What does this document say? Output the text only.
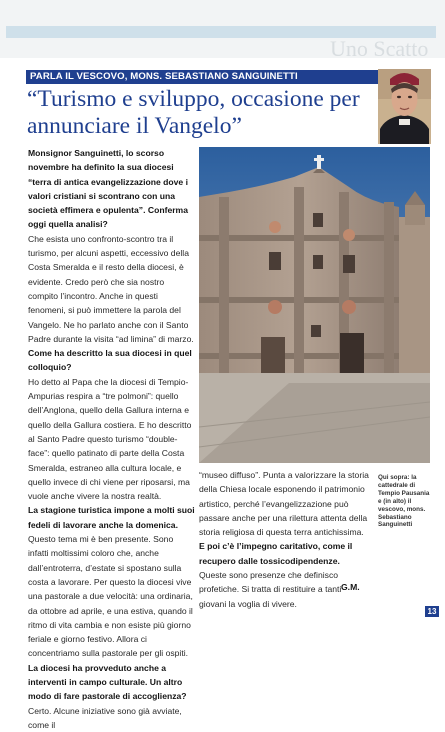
Uno Scatto
PARLA IL VESCOVO, MONS. SEBASTIANO SANGUINETTI
“Turismo e sviluppo, occasione per annunciare il Vangelo”

Monsignor Sanguinetti, lo scorso novembre ha definito la sua diocesi “terra di antica evangelizzazione dove i valori cristiani si scontrano con una società effimera e opulenta”. Conferma oggi quella analisi?

Che esista uno confronto-scontro tra il turismo, per alcuni aspetti, eccessivo della Costa Smeralda e il resto della diocesi, è evidente. Credo però che sia nostro compito l’incontro. Anche in questi fenomeni, si può immettere la parola del Vangelo. Ne ho parlato anche con il Santo Padre durante la visita “ad limina” di marzo.

Come ha descritto la sua diocesi in quel colloquio?

Ho detto al Papa che la diocesi di Tempio-Ampurias respira a “tre polmoni”: quello dell’Anglona, quello della Gallura interna e quello della Gallura costiera. E ho descritto al Santo Padre questo turismo “double-face”: quello patinato di parte della Costa Smeralda, estraneo alla cultura locale, e quello invece di chi viene per riposarsi, ma vuole anche vivere la nostra realtà.

La stagione turistica impone a molti suoi fedeli di lavorare anche la domenica.

Questo tema mi è ben presente. Sono infatti moltissimi coloro che, anche dall’entroterra, d’estate si spostano sulla costa a lavorare. Per questo la diocesi vive una pastorale a due velocità: una ordinaria, da ottobre ad aprile, e una estiva, quando il ritmo di vita cambia e non esiste più giorno feriale e giorno festivo. Allora ci concentriamo sulla pastorale per gli ospiti.

La diocesi ha provveduto anche a interventi in campo culturale. Un altro modo di fare pastorale di accoglienza?

Certo. Alcune iniziative sono già avviate, come il

“museo diffuso”. Punta a valorizzare la storia della Chiesa locale esponendo il patrimonio artistico, perché l’evangelizzazione può passare anche per una rilettura attenta della storia religiosa di questa terra antichissima.

E poi c’è l’impegno caritativo, come il recupero dalle tossicodipendenze.

Queste sono presenze che definisco profetiche. Si tratta di restituire a tanti giovani la voglia di vivere.

Qui sopra: la cattedrale di Tempio Pausania e (in alto) il vescovo, mons. Sebastiano Sanguinetti
G.M.
13
